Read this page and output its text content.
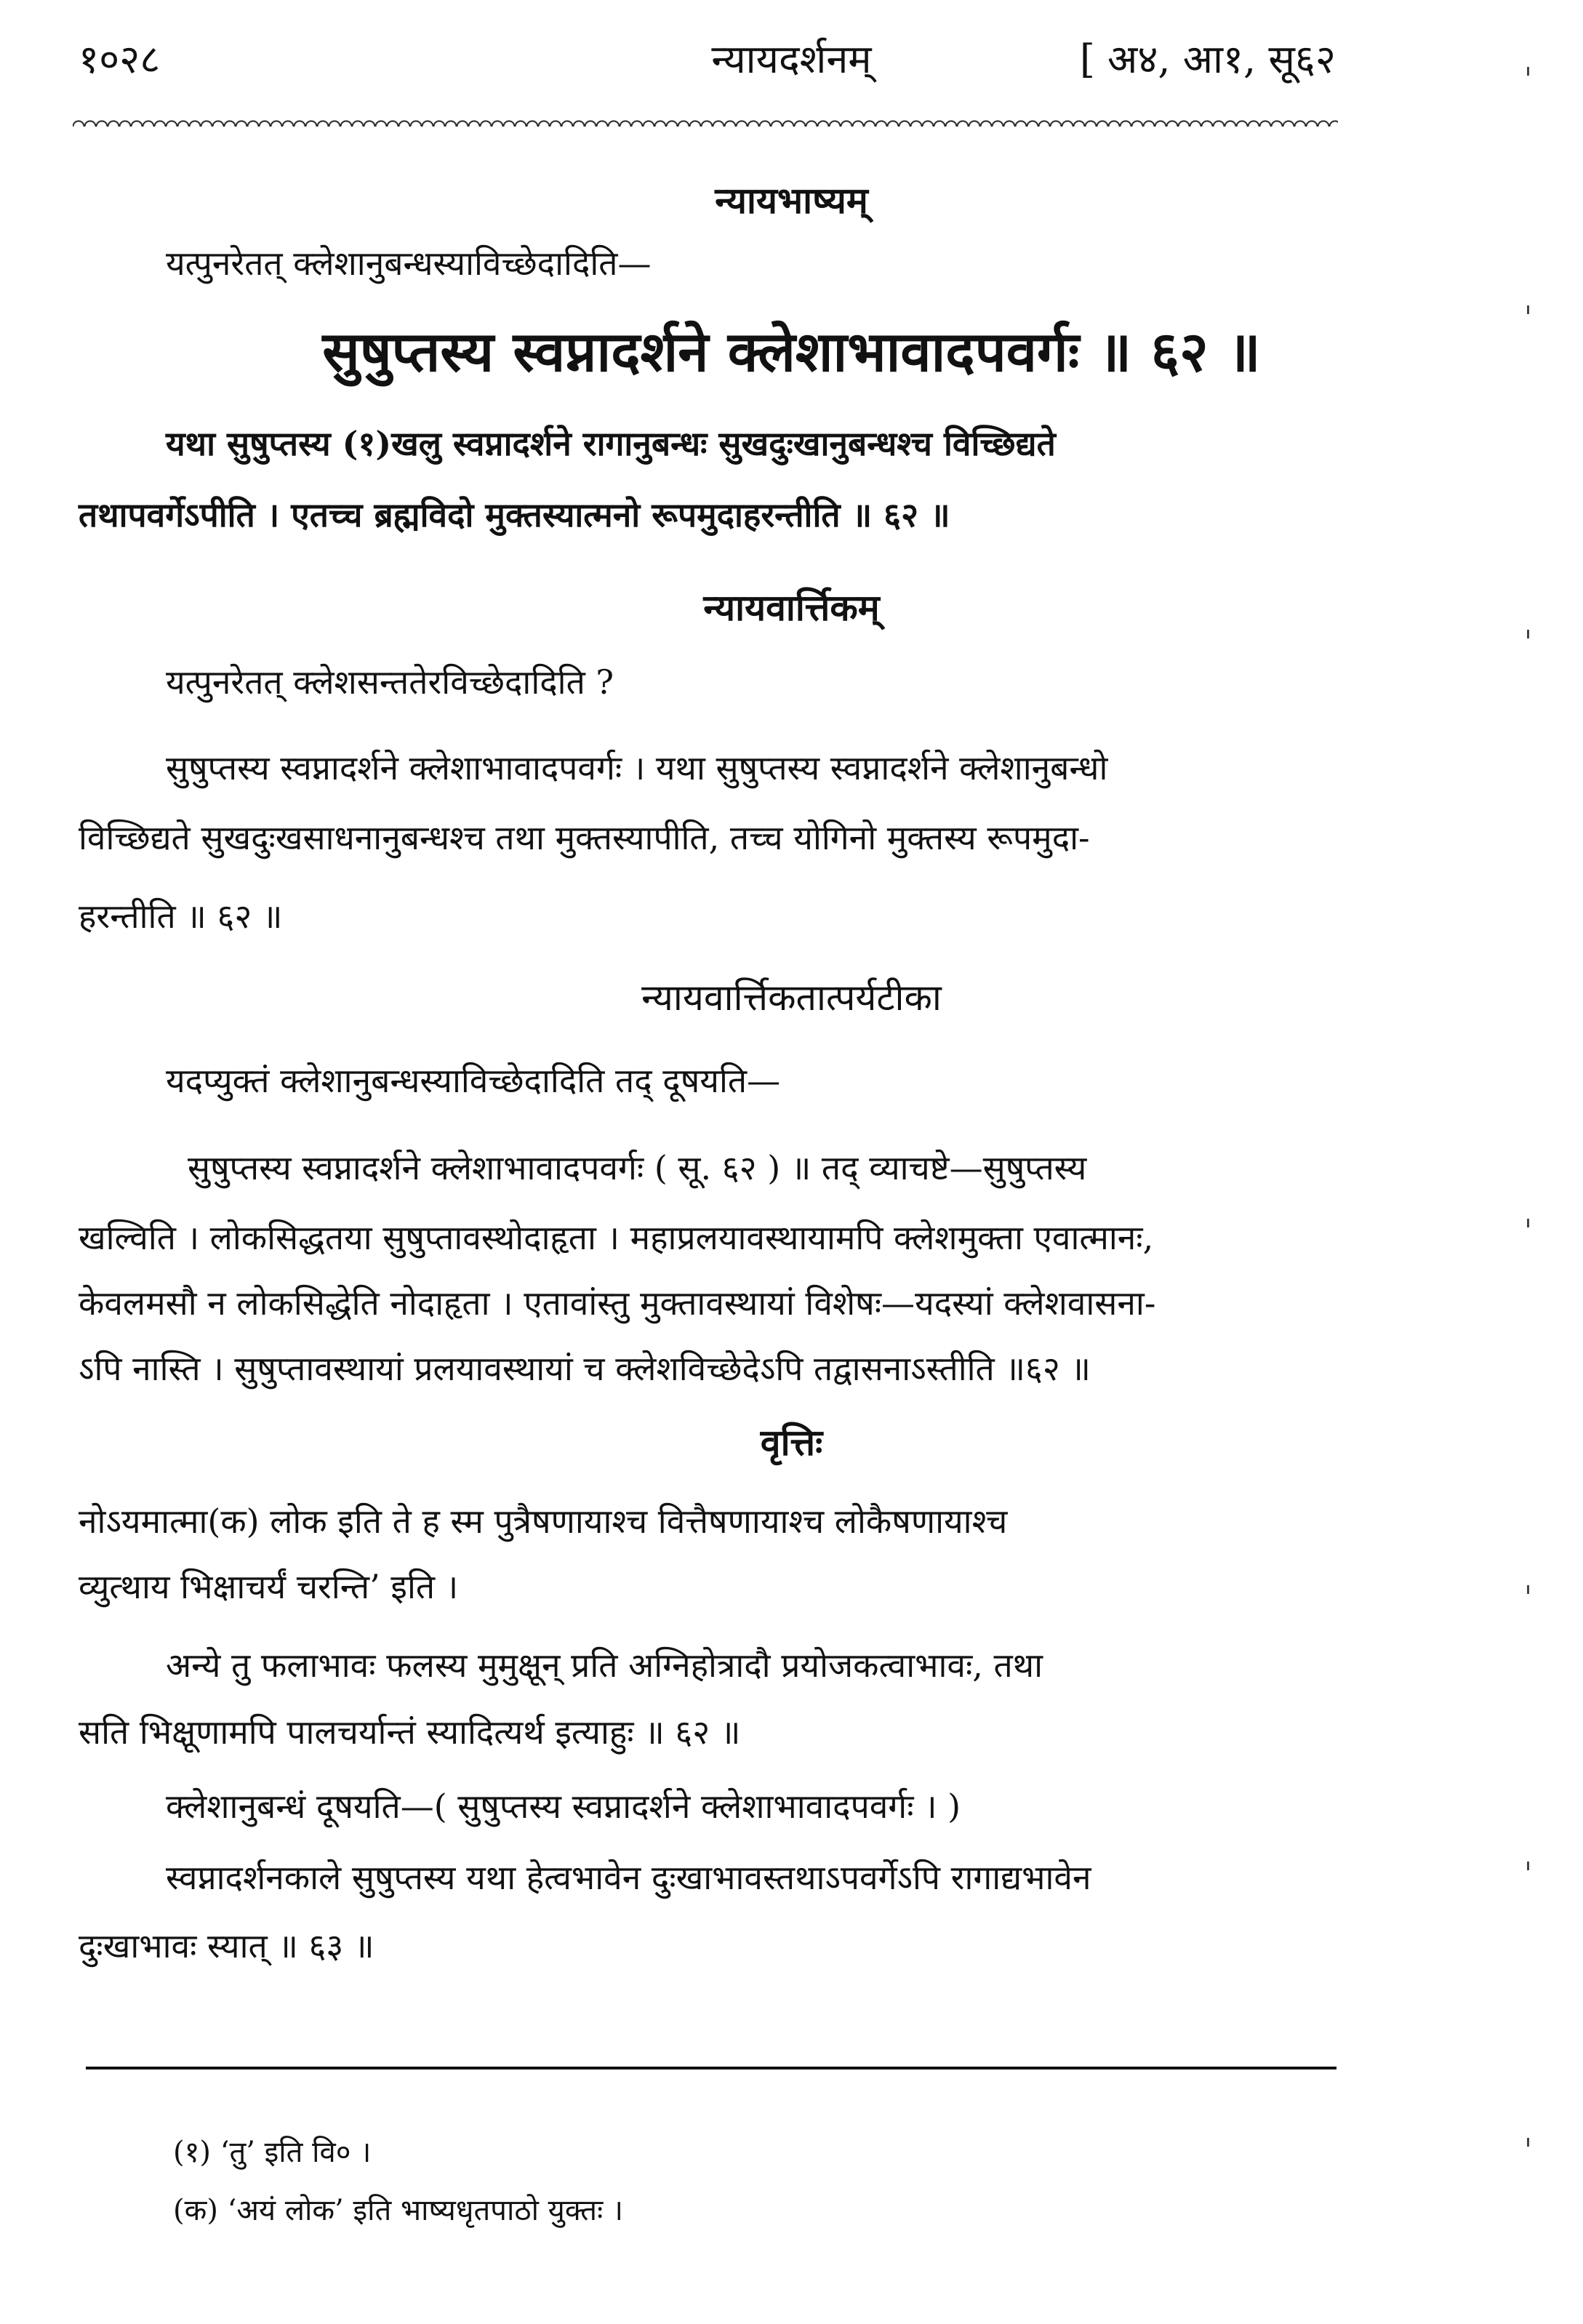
१०२८	न्यायदर्शनम्	[ अ४, आ१, सू६२
न्यायभाष्यम्
यत्पुनरेतत् क्लेशानुबन्धस्याविच्छेदादिति—
सुषुप्तस्य स्वप्नादर्शने क्लेशाभावादपवर्गः ॥ ६२ ॥
यथा सुषुप्तस्य (१)खलु स्वप्नादर्शने रागानुबन्धः सुखदुःखानुबन्धश्च विच्छिद्यते
तथापवर्गेऽपीति । एतच्च ब्रह्मविदो मुक्तस्यात्मनो रूपमुदाहरन्तीति ॥ ६२ ॥
न्यायवार्त्तिकम्
यत्पुनरेतत् क्लेशसन्ततेरविच्छेदादिति ?
सुषुप्तस्य स्वप्नादर्शने क्लेशाभावादपवर्गः । यथा सुषुप्तस्य स्वप्नादर्शने क्लेशानुबन्धो
विच्छिद्यते सुखदुःखसाधनानुबन्धश्च तथा मुक्तस्यापीति, तच्च योगिनो मुक्तस्य रूपमुदा-
हरन्तीति ॥ ६२ ॥
न्यायवार्त्तिकतात्पर्यटीका
यदप्युक्तं क्लेशानुबन्धस्याविच्छेदादिति तद् दूषयति—
सुषुप्तस्य स्वप्नादर्शने क्लेशाभावादपवर्गः ( सू. ६२ ) ॥ तद् व्याचष्टे—सुषुप्तस्य
खल्विति । लोकसिद्धतया सुषुप्तावस्थोदाहृता । महाप्रलयावस्थायामपि क्लेशमुक्ता एवात्मानः,
केवलमसौ न लोकसिद्धेति नोदाहृता । एतावांस्तु मुक्तावस्थायां विशेषः—यदस्यां क्लेशवासना-
ऽपि नास्ति । सुषुप्तावस्थायां प्रलयावस्थायां च क्लेशविच्छेदेऽपि तद्वासनाऽस्तीति ॥६२ ॥
वृत्तिः
नोऽयमात्मा(क) लोक इति ते ह स्म पुत्रैषणायाश्च वित्तैषणायाश्च लोकैषणायाश्च
व्युत्थाय भिक्षाचर्यं चरन्ति’ इति ।
अन्ये तु फलाभावः फलस्य मुमुक्षून् प्रति अग्निहोत्रादौ प्रयोजकत्वाभावः, तथा
सति भिक्षूणामपि पालचर्यान्तं स्यादित्यर्थ इत्याहुः ॥ ६२ ॥
क्लेशानुबन्धं दूषयति—( सुषुप्तस्य स्वप्नादर्शने क्लेशाभावादपवर्गः । )
स्वप्नादर्शनकाले सुषुप्तस्य यथा हेत्वभावेन दुःखाभावस्तथाऽपवर्गेऽपि रागाद्यभावेन
दुःखाभावः स्यात् ॥ ६३ ॥
(१) ‘तु’ इति वि० ।
(क) ‘अयं लोक’ इति भाष्यधृतपाठो युक्तः ।
